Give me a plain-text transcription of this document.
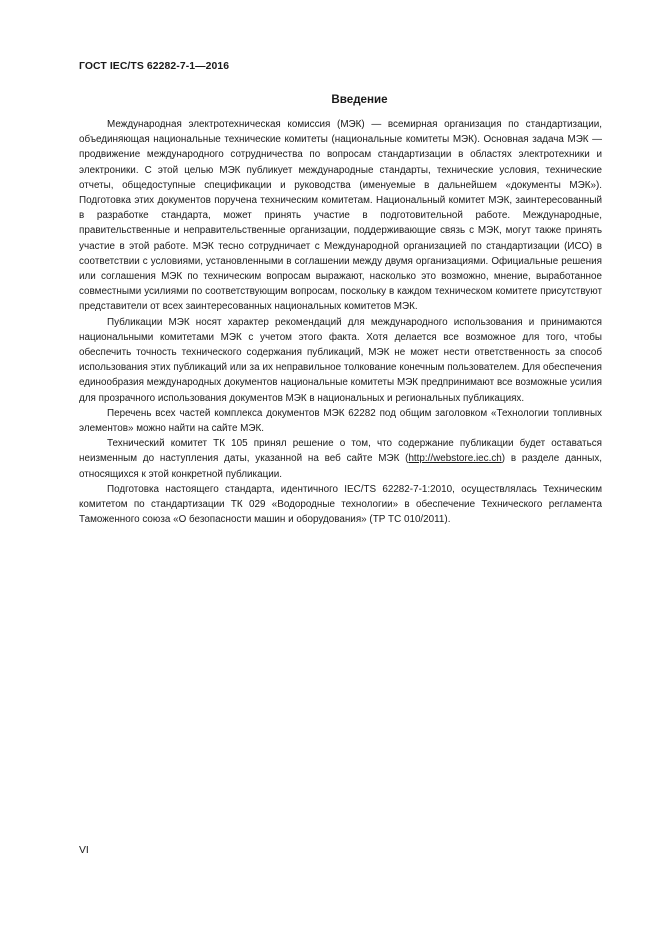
ГОСТ IEC/TS 62282-7-1—2016
Введение

Международная электротехническая комиссия (МЭК) — всемирная организация по стандартизации, объединяющая национальные технические комитеты (национальные комитеты МЭК). Основная задача МЭК — продвижение международного сотрудничества по вопросам стандартизации в областях электротехники и электроники. С этой целью МЭК публикует международные стандарты, технические условия, технические отчеты, общедоступные спецификации и руководства (именуемые в дальнейшем «документы МЭК»). Подготовка этих документов поручена техническим комитетам. Национальный комитет МЭК, заинтересованный в разработке стандарта, может принять участие в подготовительной работе. Международные, правительственные и неправительственные организации, поддерживающие связь с МЭК, могут также принять участие в этой работе. МЭК тесно сотрудничает с Международной организацией по стандартизации (ИСО) в соответствии с условиями, установленными в соглашении между двумя организациями. Официальные решения или соглашения МЭК по техническим вопросам выражают, насколько это возможно, мнение, выработанное совместными усилиями по соответствующим вопросам, поскольку в каждом техническом комитете присутствуют представители от всех заинтересованных национальных комитетов МЭК.

Публикации МЭК носят характер рекомендаций для международного использования и принимаются национальными комитетами МЭК с учетом этого факта. Хотя делается все возможное для того, чтобы обеспечить точность технического содержания публикаций, МЭК не может нести ответственность за способ использования этих публикаций или за их неправильное толкование конечным пользователем. Для обеспечения единообразия международных документов национальные комитеты МЭК предпринимают все возможные усилия для прозрачного использования документов МЭК в национальных и региональных публикациях.

Перечень всех частей комплекса документов МЭК 62282 под общим заголовком «Технологии топливных элементов» можно найти на сайте МЭК.

Технический комитет ТК 105 принял решение о том, что содержание публикации будет оставаться неизменным до наступления даты, указанной на веб сайте МЭК (http://webstore.iec.ch) в разделе данных, относящихся к этой конкретной публикации.

Подготовка настоящего стандарта, идентичного IEC/TS 62282-7-1:2010, осуществлялась Техническим комитетом по стандартизации ТК 029 «Водородные технологии» в обеспечение Технического регламента Таможенного союза «О безопасности машин и оборудования» (ТР ТС 010/2011).

VI
